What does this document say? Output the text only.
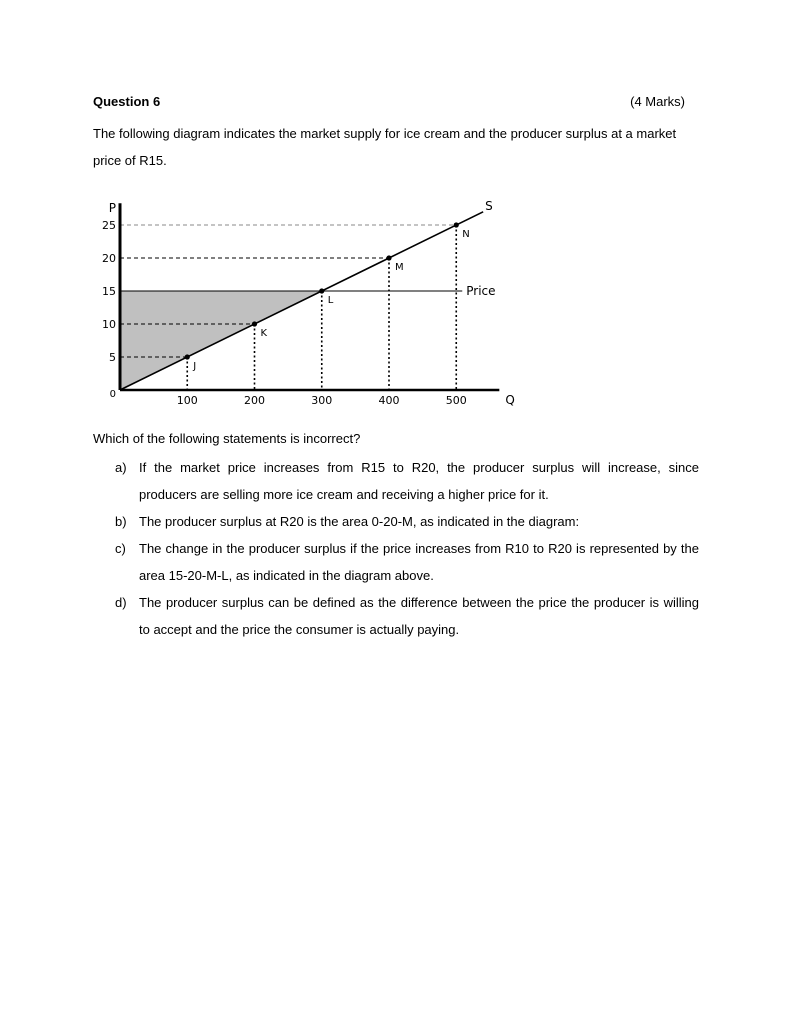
Question 6	(4 Marks)
The following diagram indicates the market supply for ice cream and the producer surplus at a market price of R15.
Price
S
J
K
L
M
N
5
10
15
20
25
100	200	300	400	500
0
P
Q
Which of the following statements is incorrect?
a) If the market price increases from R15 to R20, the producer surplus will increase, since producers are selling more ice cream and receiving a higher price for it.
b) The producer surplus at R20 is the area 0-20-M, as indicated in the diagram:
c) The change in the producer surplus if the price increases from R10 to R20 is represented by the area 15-20-M-L, as indicated in the diagram above.
d) The producer surplus can be defined as the difference between the price the producer is willing to accept and the price the consumer is actually paying.
